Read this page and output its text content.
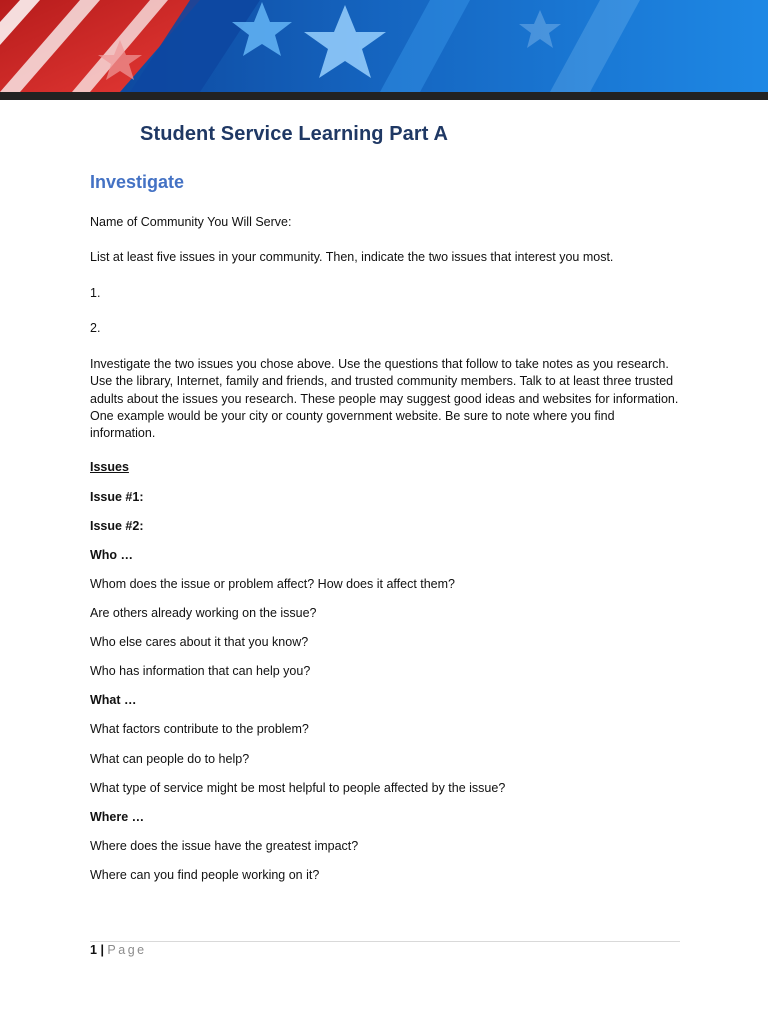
Student Service Learning Part A
Investigate
Name of Community You Will Serve:
List at least five issues in your community. Then, indicate the two issues that interest you most.
1.
2.
Investigate the two issues you chose above. Use the questions that follow to take notes as you research. Use the library, Internet, family and friends, and trusted community members. Talk to at least three trusted adults about the issues you research. These people may suggest good ideas and websites for information. One example would be your city or county government website. Be sure to note where you find information.
Issues
Issue #1:
Issue #2:
Who …
Whom does the issue or problem affect? How does it affect them?
Are others already working on the issue?
Who else cares about it that you know?
Who has information that can help you?
What …
What factors contribute to the problem?
What can people do to help?
What type of service might be most helpful to people affected by the issue?
Where …
Where does the issue have the greatest impact?
Where can you find people working on it?
1 | Page
